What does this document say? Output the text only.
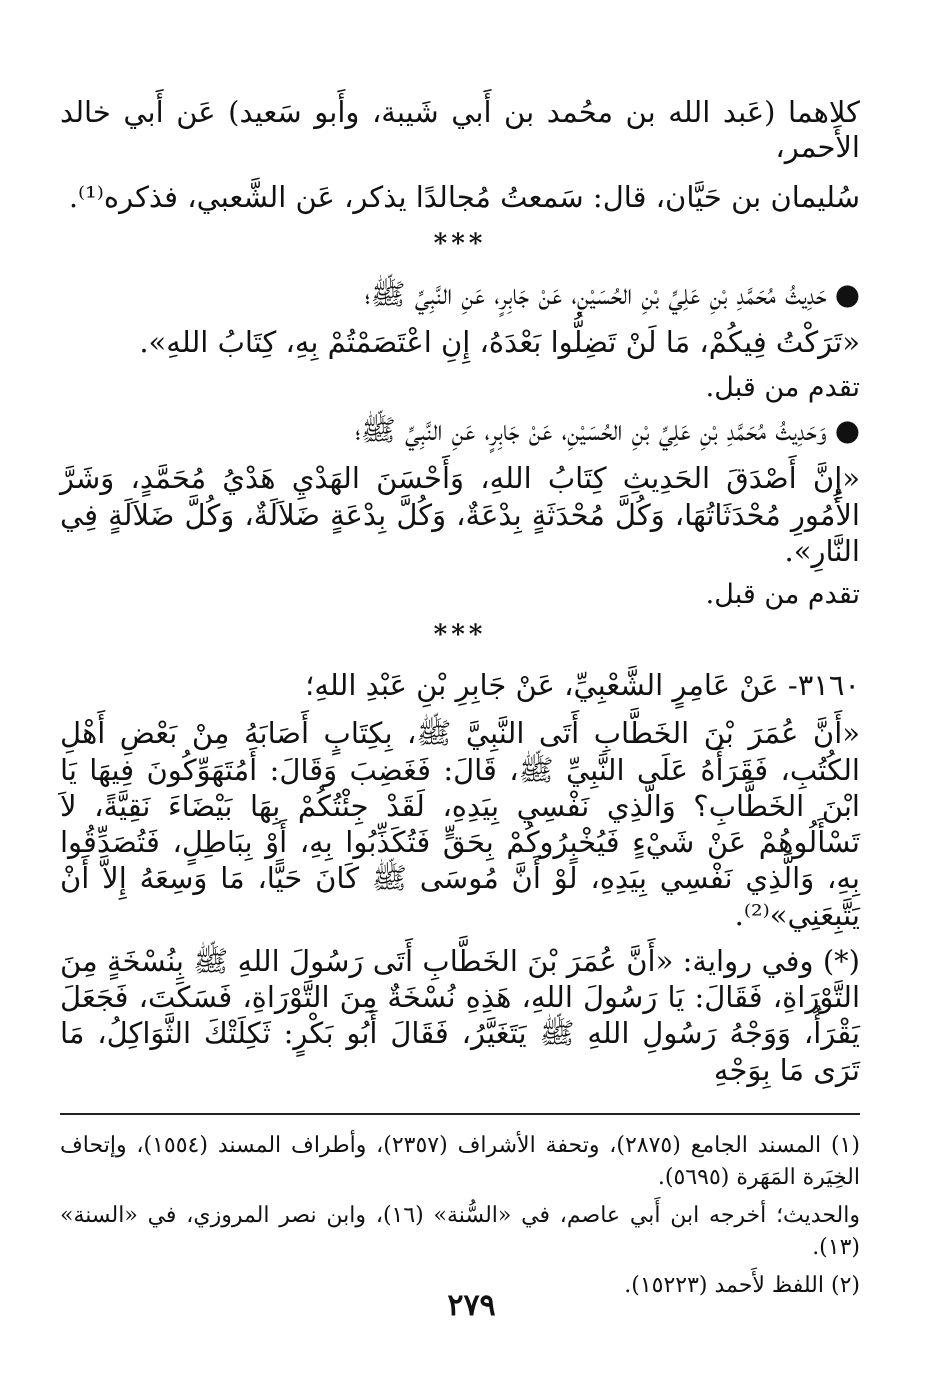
كلاهما (عَبد الله بن محُمد بن أَبي شَيبة، وأَبو سَعيد) عَن أَبي خالد الأَحمر،

سُليمان بن حَيَّان، قال: سَمعتُ مُجالدًا يذكر، عَن الشَّعبي، فذكره⁽¹⁾.

***

●حَدِيثُ مُحَمَّدِ بْنِ عَلِيِّ بْنِ الحُسَيْنِ، عَنْ جَابِرٍ، عَنِ النَّبِيِّ ﷺ؛

«تَرَكْتُ فِيكُمْ، مَا لَنْ تَضِلُّوا بَعْدَهُ، إِنِ اعْتَصَمْتُمْ بِهِ، كِتَابُ اللهِ».

تقدم من قبل.

●وَحَدِيثُ مُحَمَّدِ بْنِ عَلِيِّ بْنِ الحُسَيْنِ، عَنْ جَابِرٍ، عَنِ النَّبِيِّ ﷺ؛

«إِنَّ أَصْدَقَ الحَدِيثِ كِتَابُ اللهِ، وَأَحْسَنَ الهَدْيِ هَدْيُ مُحَمَّدٍ، وَشَرَّ الأُمُورِ مُحْدَثَاتُهَا، وَكُلَّ مُحْدَثَةٍ بِدْعَةٌ، وَكُلَّ بِدْعَةٍ ضَلاَلَةٌ، وَكُلَّ ضَلاَلَةٍ فِي النَّارِ».

تقدم من قبل.

***

٣١٦٠- عَنْ عَامِرٍ الشَّعْبِيِّ، عَنْ جَابِرِ بْنِ عَبْدِ اللهِ؛

«أَنَّ عُمَرَ بْنَ الخَطَّابِ أَتَى النَّبِيَّ ﷺ، بِكِتَابٍ أَصَابَهُ مِنْ بَعْضِ أَهْلِ الكُتُبِ، فَقَرَأَهُ عَلَى النَّبِيِّ ﷺ، قَالَ: فَغَضِبَ وَقَالَ: أَمُتَهَوِّكُونَ فِيهَا يَا ابْنَ الخَطَّابِ؟ وَالَّذِي نَفْسِي بِيَدِهِ، لَقَدْ جِئْتُكُمْ بِهَا بَيْضَاءَ نَقِيَّةً، لاَ تَسْأَلُوهُمْ عَنْ شَيْءٍ فَيُخْبِرُوكُمْ بِحَقٍّ فَتُكَذِّبُوا بِهِ، أَوْ بِبَاطِلٍ، فَتُصَدِّقُوا بِهِ، وَالَّذِي نَفْسِي بِيَدِهِ، لَوْ أَنَّ مُوسَى ﷺ كَانَ حَيًّا، مَا وَسِعَهُ إِلاَّ أَنْ يَتَّبِعَنِي»⁽²⁾.

(*) وفي رواية: «أَنَّ عُمَرَ بْنَ الخَطَّابِ أَتَى رَسُولَ اللهِ ﷺ بِنُسْخَةٍ مِنَ التَّوْرَاةِ، فَقَالَ: يَا رَسُولَ اللهِ، هَذِهِ نُسْخَةٌ مِنَ التَّوْرَاةِ، فَسَكَتَ، فَجَعَلَ يَقْرَأُ، وَوَجْهُ رَسُولِ اللهِ ﷺ يَتَغَيَّرُ، فَقَالَ أَبُو بَكْرٍ: ثَكِلَتْكَ الثَّوَاكِلُ، مَا تَرَى مَا بِوَجْهِ

(١) المسند الجامع (٢٨٧٥)، وتحفة الأشراف (٢٣٥٧)، وأطراف المسند (١٥٥٤)، وإتحاف الخِيَرة المَهَرة (٥٦٩٥).

والحديث؛ أخرجه ابن أَبي عاصم، في «السُّنة» (١٦)، وابن نصر المروزي، في «السنة» (١٣).

(٢) اللفظ لأَحمد (١٥٢٢٣).

٢٧٩
